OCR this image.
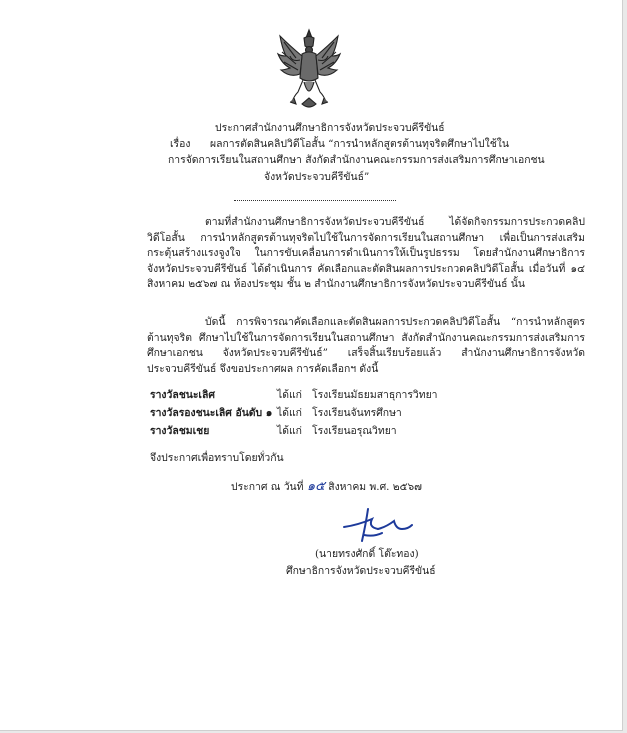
ประกาศสำนักงานศึกษาธิการจังหวัดประจวบคีรีขันธ์
เรื่อง ผลการตัดสินคลิปวิดีโอสั้น “การนำหลักสูตรต้านทุจริตศึกษาไปใช้ใน
การจัดการเรียนในสถานศึกษา สังกัดสำนักงานคณะกรรมการส่งเสริมการศึกษาเอกชน
จังหวัดประจวบคีรีขันธ์”
ตามที่สำนักงานศึกษาธิการจังหวัดประจวบคีรีขันธ์ ได้จัดกิจกรรมการประกวดคลิปวิดีโอสั้น การนำหลักสูตรต้านทุจริตไปใช้ในการจัดการเรียนในสถานศึกษา เพื่อเป็นการส่งเสริม กระตุ้นสร้างแรงจูงใจ ในการขับเคลื่อนการดำเนินการให้เป็นรูปธรรม โดยสำนักงานศึกษาธิการจังหวัดประจวบคีรีขันธ์ ได้ดำเนินการ คัดเลือกและตัดสินผลการประกวดคลิปวิดีโอสั้น เมื่อวันที่ ๑๔ สิงหาคม ๒๕๖๗ ณ ห้องประชุม ชั้น ๒ สำนักงานศึกษาธิการจังหวัดประจวบคีรีขันธ์ นั้น
บัดนี้ การพิจารณาคัดเลือกและตัดสินผลการประกวดคลิปวิดีโอสั้น “การนำหลักสูตรต้านทุจริต ศึกษาไปใช้ในการจัดการเรียนในสถานศึกษา สังกัดสำนักงานคณะกรรมการส่งเสริมการศึกษาเอกชน จังหวัดประจวบคีรีขันธ์” เสร็จสิ้นเรียบร้อยแล้ว สำนักงานศึกษาธิการจังหวัดประจวบคีรีขันธ์ จึงขอประกาศผล การคัดเลือกฯ ดังนี้
รางวัลชนะเลิศ	ได้แก่ โรงเรียนมัธยมสาธุการวิทยา
รางวัลรองชนะเลิศ อันดับ ๑ ได้แก่ โรงเรียนจันทรศึกษา
รางวัลชมเชย	ได้แก่ โรงเรียนอรุณวิทยา
จึงประกาศเพื่อทราบโดยทั่วกัน
ประกาศ ณ วันที่ ๑๕ สิงหาคม พ.ศ. ๒๕๖๗
(นายทรงศักดิ์ โต๊ะทอง)
ศึกษาธิการจังหวัดประจวบคีรีขันธ์
